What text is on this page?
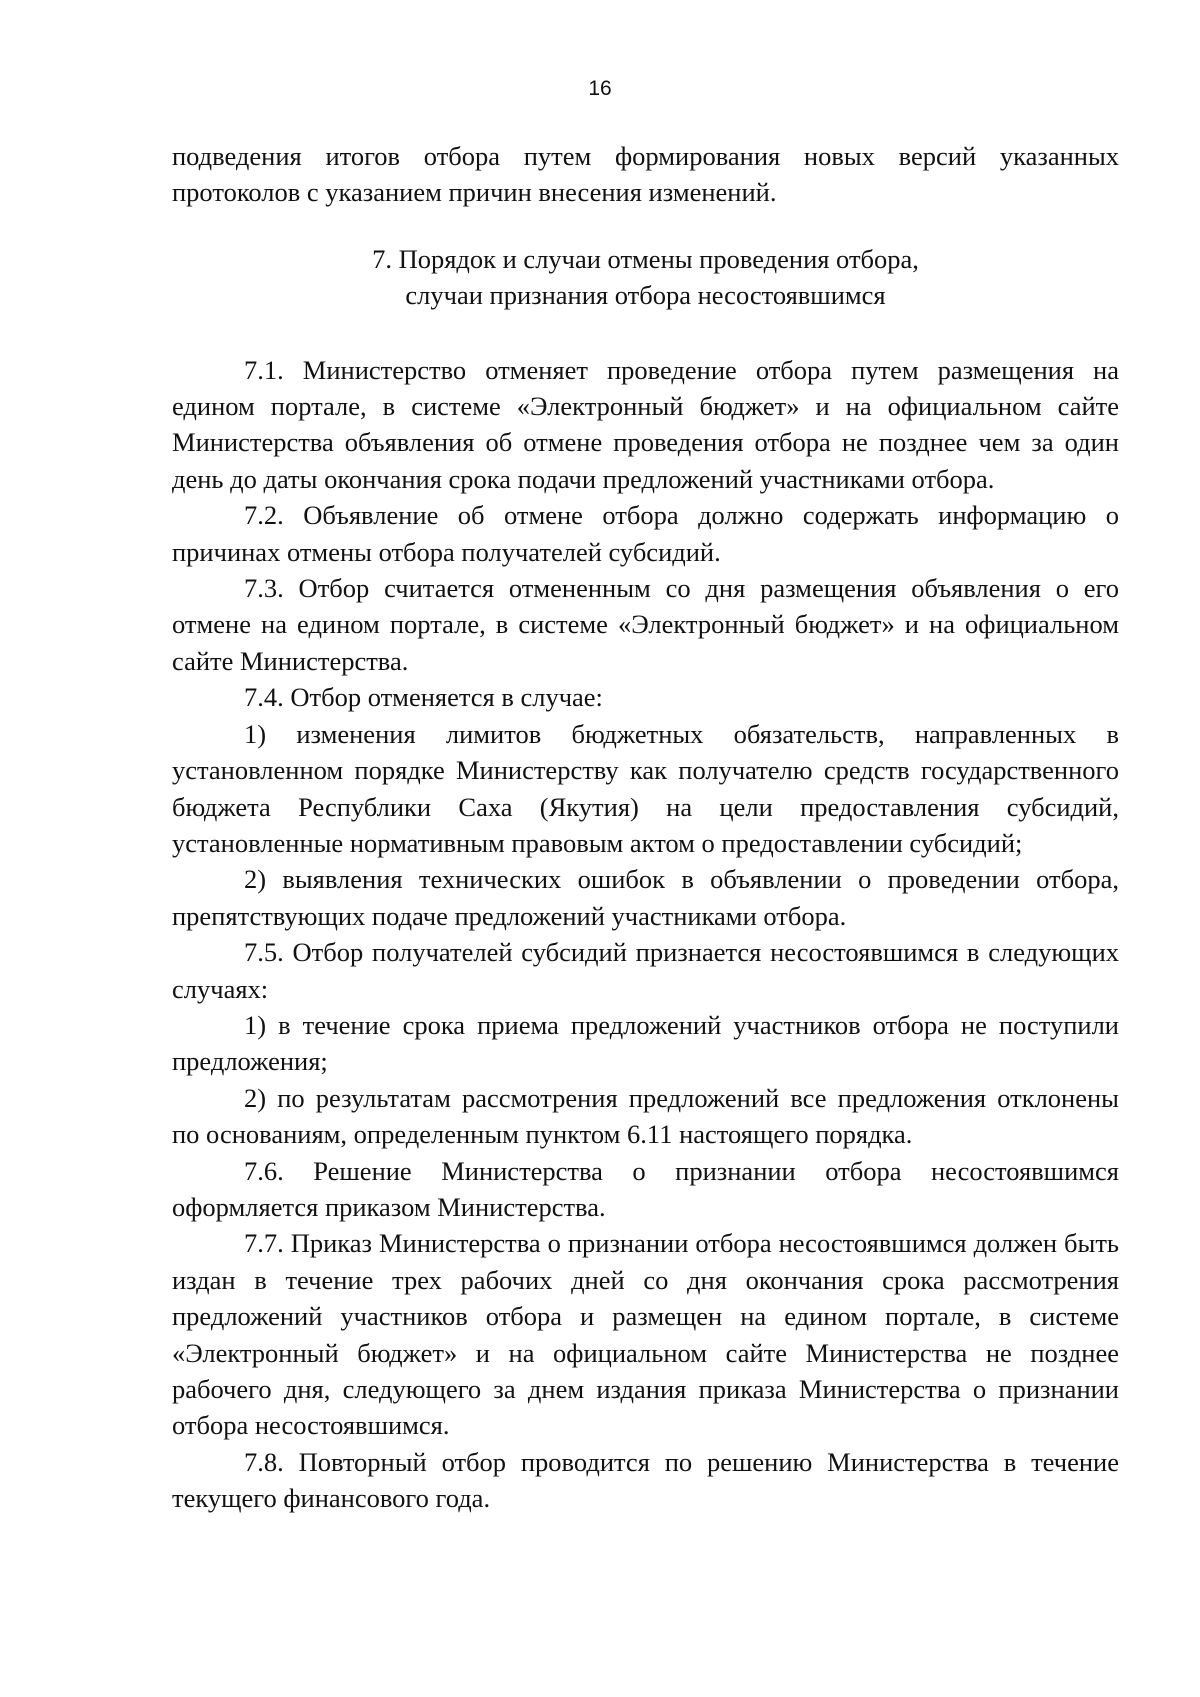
16

подведения итогов отбора путем формирования новых версий указанных протоколов с указанием причин внесения изменений.

7. Порядок и случаи отмены проведения отбора,
случаи признания отбора несостоявшимся

7.1. Министерство отменяет проведение отбора путем размещения на едином портале, в системе «Электронный бюджет» и на официальном сайте Министерства объявления об отмене проведения отбора не позднее чем за один день до даты окончания срока подачи предложений участниками отбора.

7.2. Объявление об отмене отбора должно содержать информацию о причинах отмены отбора получателей субсидий.

7.3. Отбор считается отмененным со дня размещения объявления о его отмене на едином портале, в системе «Электронный бюджет» и на официальном сайте Министерства.

7.4. Отбор отменяется в случае:

1) изменения лимитов бюджетных обязательств, направленных в установленном порядке Министерству как получателю средств государственного бюджета Республики Саха (Якутия) на цели предоставления субсидий, установленные нормативным правовым актом о предоставлении субсидий;

2) выявления технических ошибок в объявлении о проведении отбора, препятствующих подаче предложений участниками отбора.

7.5. Отбор получателей субсидий признается несостоявшимся в следующих случаях:

1) в течение срока приема предложений участников отбора не поступили предложения;

2) по результатам рассмотрения предложений все предложения отклонены по основаниям, определенным пунктом 6.11 настоящего порядка.

7.6. Решение Министерства о признании отбора несостоявшимся оформляется приказом Министерства.

7.7. Приказ Министерства о признании отбора несостоявшимся должен быть издан в течение трех рабочих дней со дня окончания срока рассмотрения предложений участников отбора и размещен на едином портале, в системе «Электронный бюджет» и на официальном сайте Министерства не позднее рабочего дня, следующего за днем издания приказа Министерства о признании отбора несостоявшимся.

7.8. Повторный отбор проводится по решению Министерства в течение текущего финансового года.
